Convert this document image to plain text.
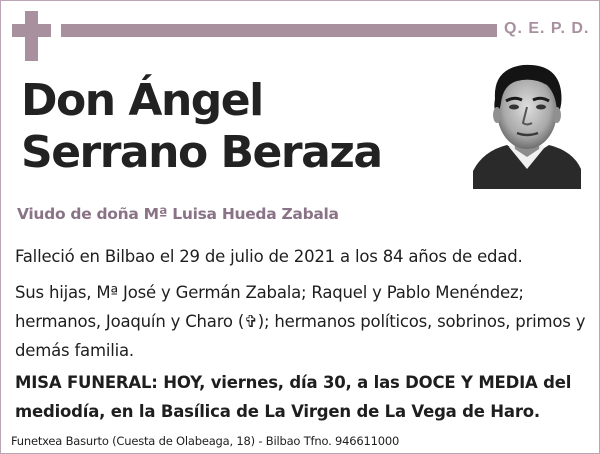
Q. E. P. D.
Don Ángel
Serrano Beraza
Viudo de doña Mª Luisa Hueda Zabala
Falleció en Bilbao el 29 de julio de 2021 a los 84 años de edad.
Sus hijas, Mª José y Germán Zabala; Raquel y Pablo Menéndez; hermanos, Joaquín y Charo (✞); hermanos políticos, sobrinos, primos y demás familia.
MISA FUNERAL: HOY, viernes, día 30, a las DOCE Y MEDIA del
mediodía, en la Basílica de La Virgen de La Vega de Haro.
Funetxea Basurto (Cuesta de Olabeaga, 18) - Bilbao Tfno. 946611000
